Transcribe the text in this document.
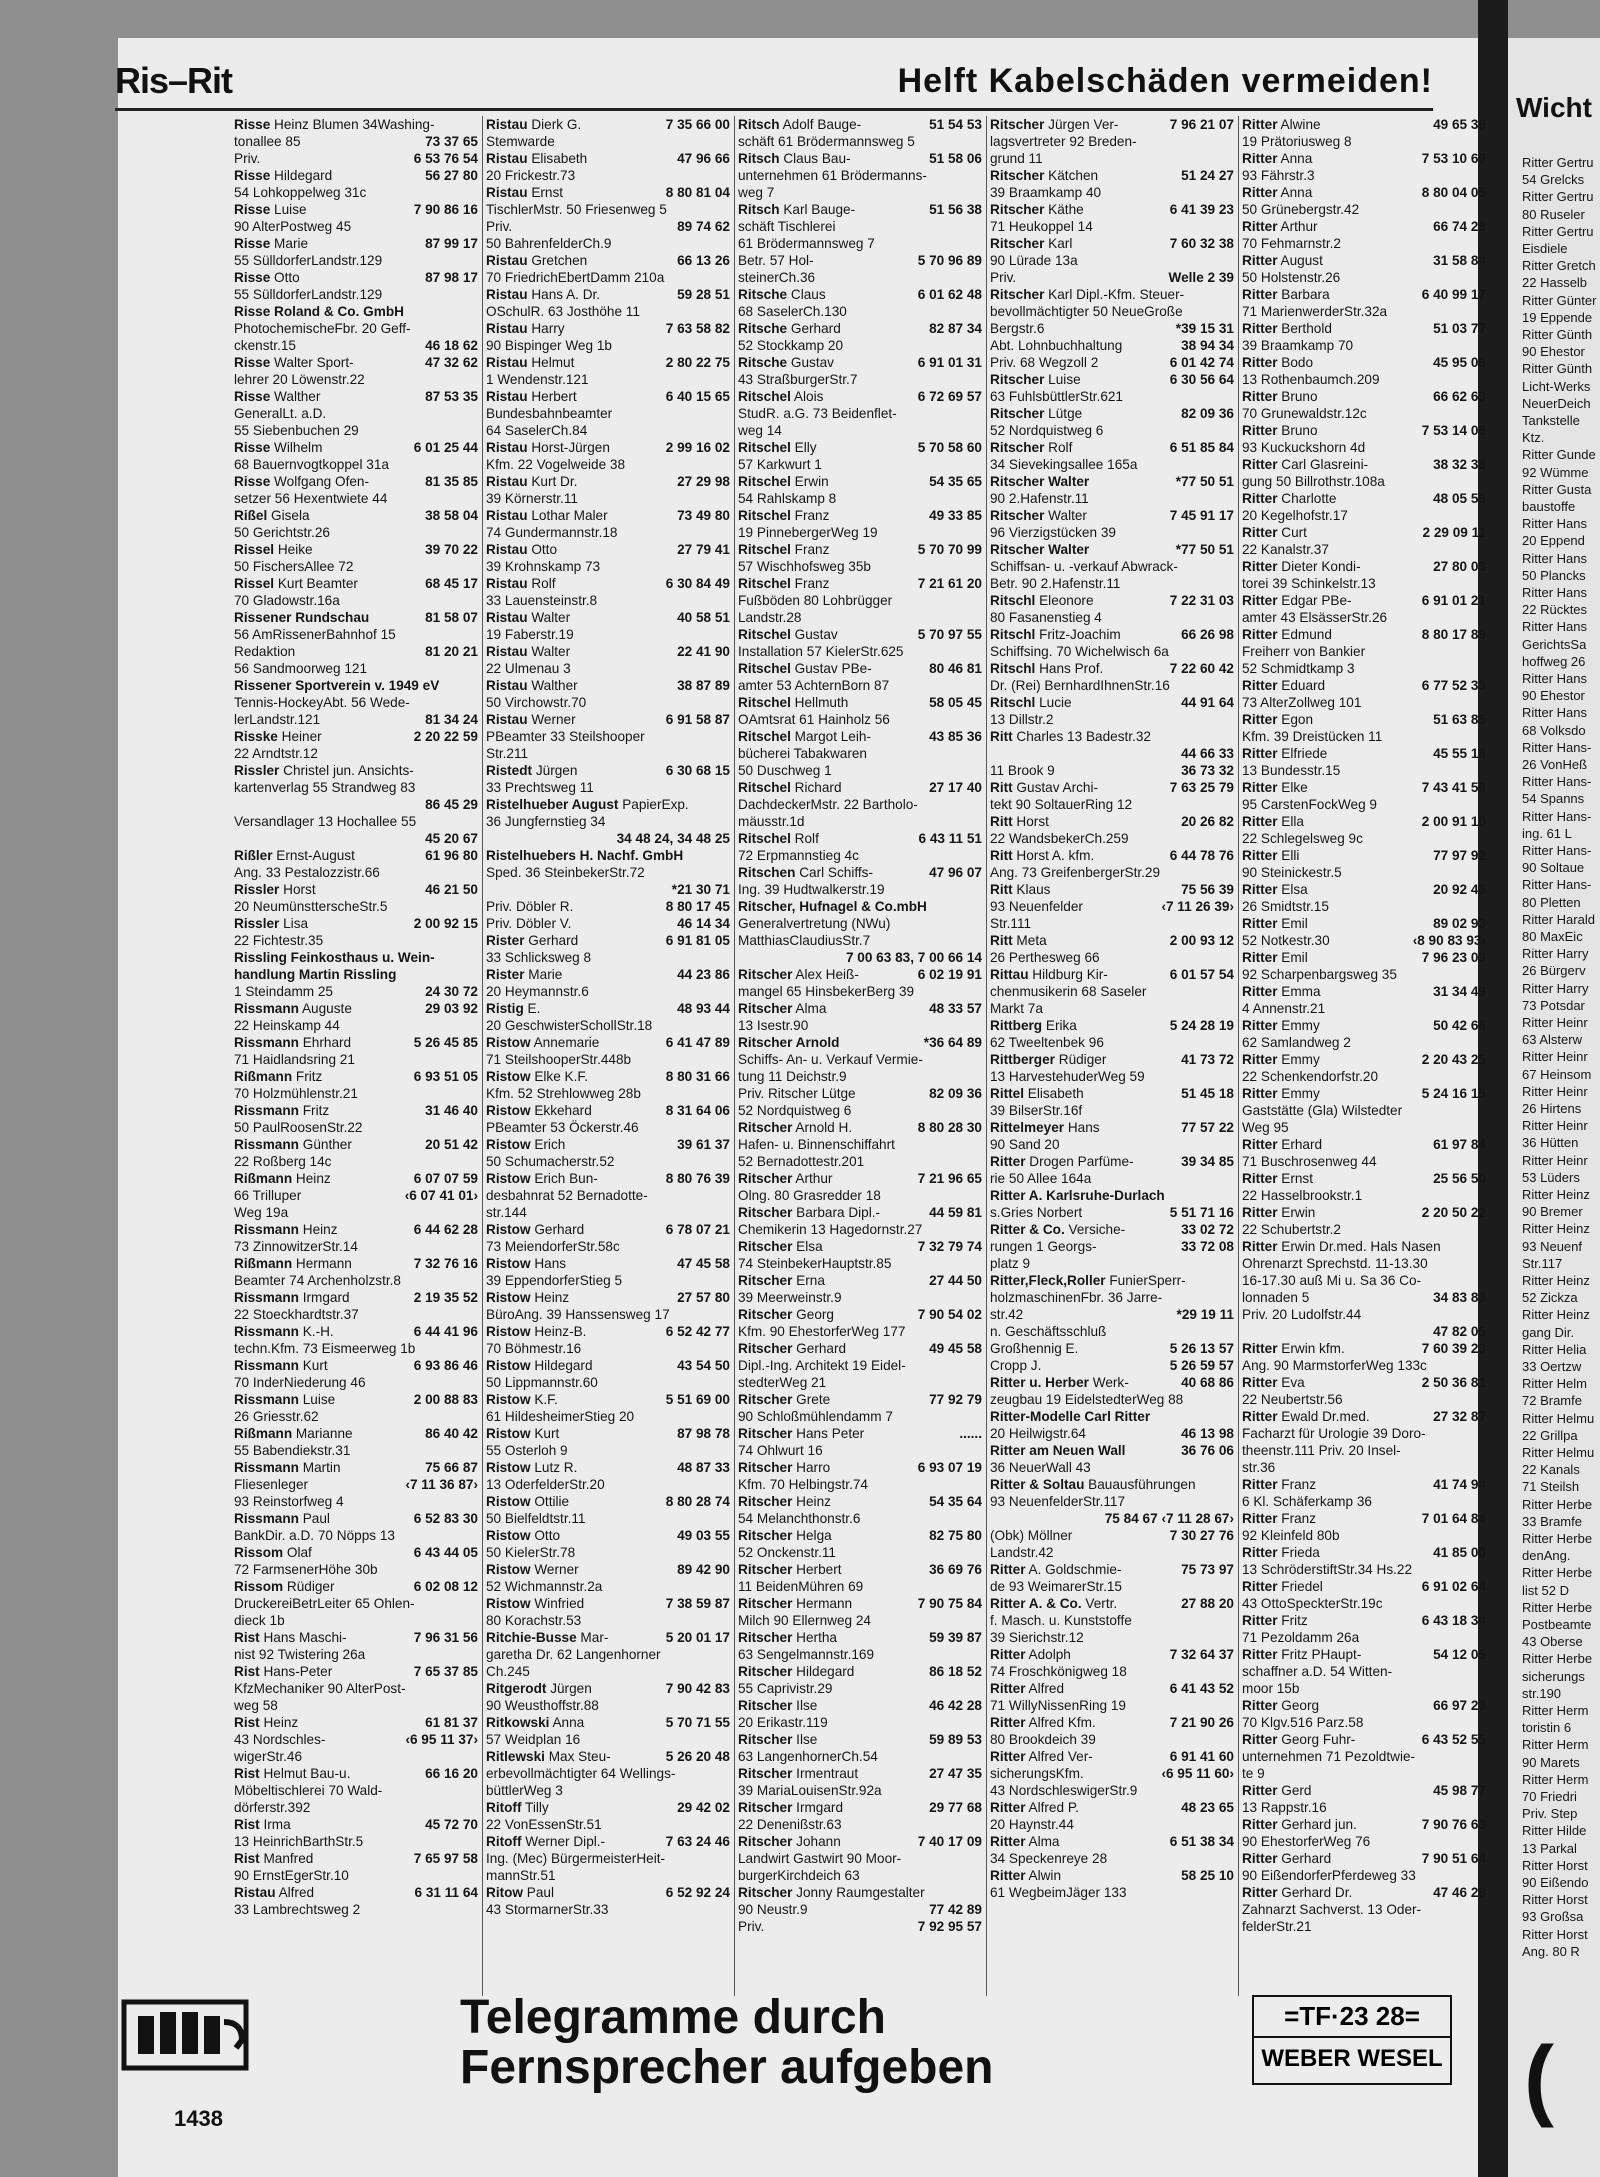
Wicht
Ritter Gertru
54 Grelcks
Ritter Gertru
80 Ruseler
Ritter Gertru
Eisdiele
Ritter Gretch
22 Hasselb
Ritter Günter
19 Eppende
Ritter Günth
90 Ehestor
Ritter Günth
Licht-Werks
NeuerDeich
Tankstelle
Ktz.
Ritter Gunde
92 Wümme
Ritter Gusta
baustoffe
Ritter Hans
20 Eppend
Ritter Hans
50 Plancks
Ritter Hans
22 Rücktes
Ritter Hans
GerichtsSa
hoffweg 26
Ritter Hans
90 Ehestor
Ritter Hans
68 Volksdo
Ritter Hans-
26 VonHeß
Ritter Hans-
54 Spanns
Ritter Hans-
ing. 61 L
Ritter Hans-
90 Soltaue
Ritter Hans-
80 Pletten
Ritter Harald
80 MaxEic
Ritter Harry
26 Bürgerv
Ritter Harry
73 Potsdar
Ritter Heinr
63 Alsterw
Ritter Heinr
67 Heinsom
Ritter Heinr
26 Hirtens
Ritter Heinr
36 Hütten
Ritter Heinr
53 Lüders
Ritter Heinz
90 Bremer
Ritter Heinz
93 Neuenf
Str.117
Ritter Heinz
52 Zickza
Ritter Heinz
gang Dir.
Ritter Helia
33 Oertzw
Ritter Helm
72 Bramfe
Ritter Helmu
22 Grillpa
Ritter Helmu
22 Kanals
71 Steilsh
Ritter Herbe
33 Bramfe
Ritter Herbe
denAng.
Ritter Herbe
list 52 D
Ritter Herbe
Postbeamte
43 Oberse
Ritter Herbe
sicherungs
str.190
Ritter Herm
toristin 6
Ritter Herm
90 Marets
Ritter Herm
70 Friedri
Priv. Step
Ritter Hilde
13 Parkal
Ritter Horst
90 Eißendo
Ritter Horst
93 Großsa
Ritter Horst
Ang. 80 R
(
Ris–Rit	Helft Kabelschäden vermeiden!
Risse Heinz Blumen 34Washing-
73 37 65
tonallee 85
6 53 76 54
Priv.
56 27 80
Risse Hildegard
54 Lohkoppelweg 31c
7 90 86 16
Risse Luise
90 AlterPostweg 45
87 99 17
Risse Marie
55 SülldorferLandstr.129
87 98 17
Risse Otto
55 SülldorferLandstr.129
Risse Roland & Co. GmbH
PhotochemischeFbr. 20 Geff-
46 18 62
ckenstr.15
47 32 62
Risse Walter Sport-
lehrer 20 Löwenstr.22
87 53 35
Risse Walther
GeneralLt. a.D.
55 Siebenbuchen 29
6 01 25 44
Risse Wilhelm
68 Bauernvogtkoppel 31a
81 35 85
Risse Wolfgang Ofen-
setzer 56 Hexentwiete 44
38 58 04
Rißel Gisela
50 Gerichtstr.26
39 70 22
Rissel Heike
50 FischersAllee 72
68 45 17
Rissel Kurt Beamter
70 Gladowstr.16a
81 58 07
Rissener Rundschau
56 AmRissenerBahnhof 15
81 20 21
Redaktion
56 Sandmoorweg 121
Rissener Sportverein v. 1949 eV
Tennis-HockeyAbt. 56 Wede-
81 34 24
lerLandstr.121
2 20 22 59
Risske Heiner
22 Arndtstr.12
Rissler Christel jun. Ansichts-
kartenverlag 55 Strandweg 83
86 45 29
Versandlager 13 Hochallee 55
45 20 67
61 96 80
Rißler Ernst-August
Ang. 33 Pestalozzistr.66
46 21 50
Rissler Horst
20 NeumünstterscheStr.5
2 00 92 15
Rissler Lisa
22 Fichtestr.35
Rissling Feinkosthaus u. Wein-
handlung Martin Rissling
24 30 72
1 Steindamm 25
29 03 92
Rissmann Auguste
22 Heinskamp 44
5 26 45 85
Rissmann Ehrhard
71 Haidlandsring 21
6 93 51 05
Rißmann Fritz
70 Holzmühlenstr.21
31 46 40
Rissmann Fritz
50 PaulRoosenStr.22
20 51 42
Rissmann Günther
22 Roßberg 14c
6 07 07 59
Rißmann Heinz
‹6 07 41 01›
66 Trilluper
Weg 19a
6 44 62 28
Rissmann Heinz
73 ZinnowitzerStr.14
7 32 76 16
Rißmann Hermann
Beamter 74 Archenholzstr.8
2 19 35 52
Rissmann Irmgard
22 Stoeckhardtstr.37
6 44 41 96
Rissmann K.-H.
techn.Kfm. 73 Eismeerweg 1b
6 93 86 46
Rissmann Kurt
70 InderNiederung 46
2 00 88 83
Rissmann Luise
26 Griesstr.62
86 40 42
Rißmann Marianne
55 Babendiekstr.31
75 66 87
Rissmann Martin
‹7 11 36 87›
Fliesenleger
93 Reinstorfweg 4
6 52 83 30
Rissmann Paul
BankDir. a.D. 70 Nöpps 13
6 43 44 05
Rissom Olaf
72 FarmsenerHöhe 30b
6 02 08 12
Rissom Rüdiger
DruckereiBetrLeiter 65 Ohlen-
dieck 1b
7 96 31 56
Rist Hans Maschi-
nist 92 Twistering 26a
7 65 37 85
Rist Hans-Peter
KfzMechaniker 90 AlterPost-
weg 58
61 81 37
Rist Heinz
‹6 95 11 37›
43 Nordschles-
wigerStr.46
66 16 20
Rist Helmut Bau-u.
Möbeltischlerei 70 Wald-
dörferstr.392
45 72 70
Rist Irma
13 HeinrichBarthStr.5
7 65 97 58
Rist Manfred
90 ErnstEgerStr.10
6 31 11 64
Ristau Alfred
33 Lambrechtsweg 2
7 35 66 00
Ristau Dierk G.
Stemwarde
47 96 66
Ristau Elisabeth
20 Frickestr.73
8 80 81 04
Ristau Ernst
TischlerMstr. 50 Friesenweg 5
89 74 62
Priv.
50 BahrenfelderCh.9
66 13 26
Ristau Gretchen
70 FriedrichEbertDamm 210a
59 28 51
Ristau Hans A. Dr.
OSchulR. 63 Josthöhe 11
7 63 58 82
Ristau Harry
90 Bispinger Weg 1b
2 80 22 75
Ristau Helmut
1 Wendenstr.121
6 40 15 65
Ristau Herbert
Bundesbahnbeamter
64 SaselerCh.84
2 99 16 02
Ristau Horst-Jürgen
Kfm. 22 Vogelweide 38
27 29 98
Ristau Kurt Dr.
39 Körnerstr.11
73 49 80
Ristau Lothar Maler
74 Gundermannstr.18
27 79 41
Ristau Otto
39 Krohnskamp 73
6 30 84 49
Ristau Rolf
33 Lauensteinstr.8
40 58 51
Ristau Walter
19 Faberstr.19
22 41 90
Ristau Walter
22 Ulmenau 3
38 87 89
Ristau Walther
50 Virchowstr.70
6 91 58 87
Ristau Werner
PBeamter 33 Steilshooper
Str.211
6 30 68 15
Ristedt Jürgen
33 Prechtsweg 11
Ristelhueber August PapierExp.
36 Jungfernstieg 34
34 48 24, 34 48 25
Ristelhuebers H. Nachf. GmbH
Sped. 36 SteinbekerStr.72
*21 30 71
8 80 17 45
Priv. Döbler R.
46 14 34
Priv. Döbler V.
6 91 81 05
Rister Gerhard
33 Schlicksweg 8
44 23 86
Rister Marie
20 Heymannstr.6
48 93 44
Ristig E.
20 GeschwisterSchollStr.18
6 41 47 89
Ristow Annemarie
71 SteilshooperStr.448b
8 80 31 66
Ristow Elke K.F.
Kfm. 52 Strehlowweg 28b
8 31 64 06
Ristow Ekkehard
PBeamter 53 Öckerstr.46
39 61 37
Ristow Erich
50 Schumacherstr.52
8 80 76 39
Ristow Erich Bun-
desbahnrat 52 Bernadotte-
str.144
6 78 07 21
Ristow Gerhard
73 MeiendorferStr.58c
47 45 58
Ristow Hans
39 EppendorferStieg 5
27 57 80
Ristow Heinz
BüroAng. 39 Hanssensweg 17
6 52 42 77
Ristow Heinz-B.
70 Böhmestr.16
43 54 50
Ristow Hildegard
50 Lippmannstr.60
5 51 69 00
Ristow K.F.
61 HildesheimerStieg 20
87 98 78
Ristow Kurt
55 Osterloh 9
48 87 33
Ristow Lutz R.
13 OderfelderStr.20
8 80 28 74
Ristow Ottilie
50 Bielfeldtstr.11
49 03 55
Ristow Otto
50 KielerStr.78
89 42 90
Ristow Werner
52 Wichmannstr.2a
7 38 59 87
Ristow Winfried
80 Korachstr.53
5 20 01 17
Ritchie-Busse Mar-
garetha Dr. 62 Langenhorner
Ch.245
7 90 42 83
Ritgerodt Jürgen
90 Weusthoffstr.88
5 70 71 55
Ritkowski Anna
57 Weidplan 16
5 26 20 48
Ritlewski Max Steu-
erbevollmächtigter 64 Wellings-
büttlerWeg 3
29 42 02
Ritoff Tilly
22 VonEssenStr.51
7 63 24 46
Ritoff Werner Dipl.-
Ing. (Mec) BürgermeisterHeit-
mannStr.51
6 52 92 24
Ritow Paul
43 StormarnerStr.33
51 54 53
Ritsch Adolf Bauge-
schäft 61 Brödermannsweg 5
51 58 06
Ritsch Claus Bau-
unternehmen 61 Brödermanns-
weg 7
51 56 38
Ritsch Karl Bauge-
schäft Tischlerei
61 Brödermannsweg 7
5 70 96 89
Betr. 57 Hol-
steinerCh.36
6 01 62 48
Ritsche Claus
68 SaselerCh.130
82 87 34
Ritsche Gerhard
52 Stockkamp 20
6 91 01 31
Ritsche Gustav
43 StraßburgerStr.7
6 72 69 57
Ritschel Alois
StudR. a.G. 73 Beidenflet-
weg 14
5 70 58 60
Ritschel Elly
57 Karkwurt 1
54 35 65
Ritschel Erwin
54 Rahlskamp 8
49 33 85
Ritschel Franz
19 PinnebergerWeg 19
5 70 70 99
Ritschel Franz
57 Wischhofsweg 35b
7 21 61 20
Ritschel Franz
Fußböden 80 Lohbrügger
Landstr.28
5 70 97 55
Ritschel Gustav
Installation 57 KielerStr.625
80 46 81
Ritschel Gustav PBe-
amter 53 AchternBorn 87
58 05 45
Ritschel Hellmuth
OAmtsrat 61 Hainholz 56
43 85 36
Ritschel Margot Leih-
bücherei Tabakwaren
50 Duschweg 1
27 17 40
Ritschel Richard
DachdeckerMstr. 22 Bartholo-
mäusstr.1d
6 43 11 51
Ritschel Rolf
72 Erpmannstieg 4c
47 96 07
Ritschen Carl Schiffs-
Ing. 39 Hudtwalkerstr.19
Ritscher, Hufnagel & Co.mbH
Generalvertretung (NWu)
MatthiasClaudiusStr.7
7 00 63 83, 7 00 66 14
6 02 19 91
Ritscher Alex Heiß-
mangel 65 HinsbekerBerg 39
48 33 57
Ritscher Alma
13 Isestr.90
*36 64 89
Ritscher Arnold
Schiffs- An- u. Verkauf Vermie-
tung 11 Deichstr.9
82 09 36
Priv. Ritscher Lütge
52 Nordquistweg 6
8 80 28 30
Ritscher Arnold H.
Hafen- u. Binnenschiffahrt
52 Bernadottestr.201
7 21 96 65
Ritscher Arthur
Olng. 80 Grasredder 18
44 59 81
Ritscher Barbara Dipl.-
Chemikerin 13 Hagedornstr.27
7 32 79 74
Ritscher Elsa
74 SteinbekerHauptstr.85
27 44 50
Ritscher Erna
39 Meerweinstr.9
7 90 54 02
Ritscher Georg
Kfm. 90 EhestorferWeg 177
49 45 58
Ritscher Gerhard
Dipl.-Ing. Architekt 19 Eidel-
stedterWeg 21
77 92 79
Ritscher Grete
90 Schloßmühlendamm 7
......
Ritscher Hans Peter
74 Ohlwurt 16
6 93 07 19
Ritscher Harro
Kfm. 70 Helbingstr.74
54 35 64
Ritscher Heinz
54 Melanchthonstr.6
82 75 80
Ritscher Helga
52 Onckenstr.11
36 69 76
Ritscher Herbert
11 BeidenMühren 69
7 90 75 84
Ritscher Hermann
Milch 90 Ellernweg 24
59 39 87
Ritscher Hertha
63 Sengelmannstr.169
86 18 52
Ritscher Hildegard
55 Caprivistr.29
46 42 28
Ritscher Ilse
20 Erikastr.119
59 89 53
Ritscher Ilse
63 LangenhornerCh.54
27 47 35
Ritscher Irmentraut
39 MariaLouisenStr.92a
29 77 68
Ritscher Irmgard
22 Denenißstr.63
7 40 17 09
Ritscher Johann
Landwirt Gastwirt 90 Moor-
burgerKirchdeich 63
Ritscher Jonny Raumgestalter
77 42 89
90 Neustr.9
7 92 95 57
Priv.
7 96 21 07
Ritscher Jürgen Ver-
lagsvertreter 92 Breden-
grund 11
51 24 27
Ritscher Kätchen
39 Braamkamp 40
6 41 39 23
Ritscher Käthe
71 Heukoppel 14
7 60 32 38
Ritscher Karl
90 Lürade 13a
Welle 2 39
Priv.
Ritscher Karl Dipl.-Kfm. Steuer-
bevollmächtigter 50 NeueGroße
*39 15 31
Bergstr.6
38 94 34
Abt. Lohnbuchhaltung
6 01 42 74
Priv. 68 Wegzoll 2
6 30 56 64
Ritscher Luise
63 FuhlsbüttlerStr.621
82 09 36
Ritscher Lütge
52 Nordquistweg 6
6 51 85 84
Ritscher Rolf
34 Sievekingsallee 165a
*77 50 51
Ritscher Walter
90 2.Hafenstr.11
7 45 91 17
Ritscher Walter
96 Vierzigstücken 39
*77 50 51
Ritscher Walter
Schiffsan- u. -verkauf Abwrack-
Betr. 90 2.Hafenstr.11
7 22 31 03
Ritschl Eleonore
80 Fasanenstieg 4
66 26 98
Ritschl Fritz-Joachim
Schiffsing. 70 Wichelwisch 6a
7 22 60 42
Ritschl Hans Prof.
Dr. (Rei) BernhardIhnenStr.16
44 91 64
Ritschl Lucie
13 Dillstr.2
Ritt Charles 13 Badestr.32
44 66 33
36 73 32
11 Brook 9
7 63 25 79
Ritt Gustav Archi-
tekt 90 SoltauerRing 12
20 26 82
Ritt Horst
22 WandsbekerCh.259
6 44 78 76
Ritt Horst A. kfm.
Ang. 73 GreifenbergerStr.29
75 56 39
Ritt Klaus
‹7 11 26 39›
93 Neuenfelder
Str.111
2 00 93 12
Ritt Meta
26 Perthesweg 66
6 01 57 54
Rittau Hildburg Kir-
chenmusikerin 68 Saseler
Markt 7a
5 24 28 19
Rittberg Erika
62 Tweeltenbek 96
41 73 72
Rittberger Rüdiger
13 HarvestehuderWeg 59
51 45 18
Rittel Elisabeth
39 BilserStr.16f
77 57 22
Rittelmeyer Hans
90 Sand 20
39 34 85
Ritter Drogen Parfüme-
rie 50 Allee 164a
Ritter A. Karlsruhe-Durlach
5 51 71 16
s.Gries Norbert
33 02 72
Ritter & Co. Versiche-
33 72 08
rungen 1 Georgs-
platz 9
Ritter,Fleck,Roller FunierSperr-
holzmaschinenFbr. 36 Jarre-
*29 19 11
str.42
n. Geschäftsschluß
5 26 13 57
Großhennig E.
5 26 59 57
Cropp J.
40 68 86
Ritter u. Herber Werk-
zeugbau 19 EidelstedterWeg 88
Ritter-Modelle Carl Ritter
46 13 98
20 Heilwigstr.64
36 76 06
Ritter am Neuen Wall
36 NeuerWall 43
Ritter & Soltau Bauausführungen
93 NeuenfelderStr.117
75 84 67 ‹7 11 28 67›
7 30 27 76
(Obk) Möllner
Landstr.42
75 73 97
Ritter A. Goldschmie-
de 93 WeimarerStr.15
27 88 20
Ritter A. & Co. Vertr.
f. Masch. u. Kunststoffe
39 Sierichstr.12
7 32 64 37
Ritter Adolph
74 Froschkönigweg 18
6 41 43 52
Ritter Alfred
71 WillyNissenRing 19
7 21 90 26
Ritter Alfred Kfm.
80 Brookdeich 39
6 91 41 60
Ritter Alfred Ver-
‹6 95 11 60›
sicherungsKfm.
43 NordschleswigerStr.9
48 23 65
Ritter Alfred P.
20 Haynstr.44
6 51 38 34
Ritter Alma
34 Speckenreye 28
58 25 10
Ritter Alwin
61 WegbeimJäger 133
49 65 39
Ritter Alwine
19 Prätoriusweg 8
7 53 10 69
Ritter Anna
93 Fährstr.3
8 80 04 05
Ritter Anna
50 Grünebergstr.42
66 74 28
Ritter Arthur
70 Fehmarnstr.2
31 58 84
Ritter August
50 Holstenstr.26
6 40 99 17
Ritter Barbara
71 MarienwerderStr.32a
51 03 77
Ritter Berthold
39 Braamkamp 70
45 95 06
Ritter Bodo
13 Rothenbaumch.209
66 62 63
Ritter Bruno
70 Grunewaldstr.12c
7 53 14 08
Ritter Bruno
93 Kuckuckshorn 4d
38 32 38
Ritter Carl Glasreini-
gung 50 Billrothstr.108a
48 05 56
Ritter Charlotte
20 Kegelhofstr.17
2 29 09 11
Ritter Curt
22 Kanalstr.37
27 80 03
Ritter Dieter Kondi-
torei 39 Schinkelstr.13
6 91 01 21
Ritter Edgar PBe-
amter 43 ElsässerStr.26
8 80 17 89
Ritter Edmund
Freiherr von Bankier
52 Schmidtkamp 3
6 77 52 33
Ritter Eduard
73 AlterZollweg 101
51 63 85
Ritter Egon
Kfm. 39 Dreistücken 11
45 55 18
Ritter Elfriede
13 Bundesstr.15
7 43 41 56
Ritter Elke
95 CarstenFockWeg 9
2 00 91 10
Ritter Ella
22 Schlegelsweg 9c
77 97 92
Ritter Elli
90 Steinickestr.5
20 92 45
Ritter Elsa
26 Smidtstr.15
89 02 93
Ritter Emil
‹8 90 83 93›
52 Notkestr.30
7 96 23 09
Ritter Emil
92 Scharpenbargsweg 35
31 34 49
Ritter Emma
4 Annenstr.21
50 42 66
Ritter Emmy
62 Samlandweg 2
2 20 43 25
Ritter Emmy
22 Schenkendorfstr.20
5 24 16 15
Ritter Emmy
Gaststätte (Gla) Wilstedter
Weg 95
61 97 84
Ritter Erhard
71 Buschrosenweg 44
25 56 50
Ritter Ernst
22 Hasselbrookstr.1
2 20 50 22
Ritter Erwin
22 Schubertstr.2
Ritter Erwin Dr.med. Hals Nasen
Ohrenarzt Sprechstd. 11-13.30
16-17.30 auß Mi u. Sa 36 Co-
34 83 83
lonnaden 5
Priv. 20 Ludolfstr.44
47 82 05
7 60 39 23
Ritter Erwin kfm.
Ang. 90 MarmstorferWeg 133c
2 50 36 81
Ritter Eva
22 Neubertstr.56
27 32 87
Ritter Ewald Dr.med.
Facharzt für Urologie 39 Doro-
theenstr.111 Priv. 20 Insel-
str.36
41 74 94
Ritter Franz
6 Kl. Schäferkamp 36
7 01 64 84
Ritter Franz
92 Kleinfeld 80b
41 85 00
Ritter Frieda
13 SchröderstiftStr.34 Hs.22
6 91 02 64
Ritter Friedel
43 OttoSpeckterStr.19c
6 43 18 34
Ritter Fritz
71 Pezoldamm 26a
54 12 05
Ritter Fritz PHaupt-
schaffner a.D. 54 Witten-
moor 15b
66 97 23
Ritter Georg
70 Klgv.516 Parz.58
6 43 52 55
Ritter Georg Fuhr-
unternehmen 71 Pezoldtwie-
te 9
45 98 77
Ritter Gerd
13 Rappstr.16
7 90 76 63
Ritter Gerhard jun.
90 EhestorferWeg 76
7 90 51 64
Ritter Gerhard
90 EißendorferPferdeweg 33
47 46 28
Ritter Gerhard Dr.
Zahnarzt Sachverst. 13 Oder-
felderStr.21
Telegramme durch
Fernsprecher aufgeben
=TF·23 28=
WEBER WESEL
1438
